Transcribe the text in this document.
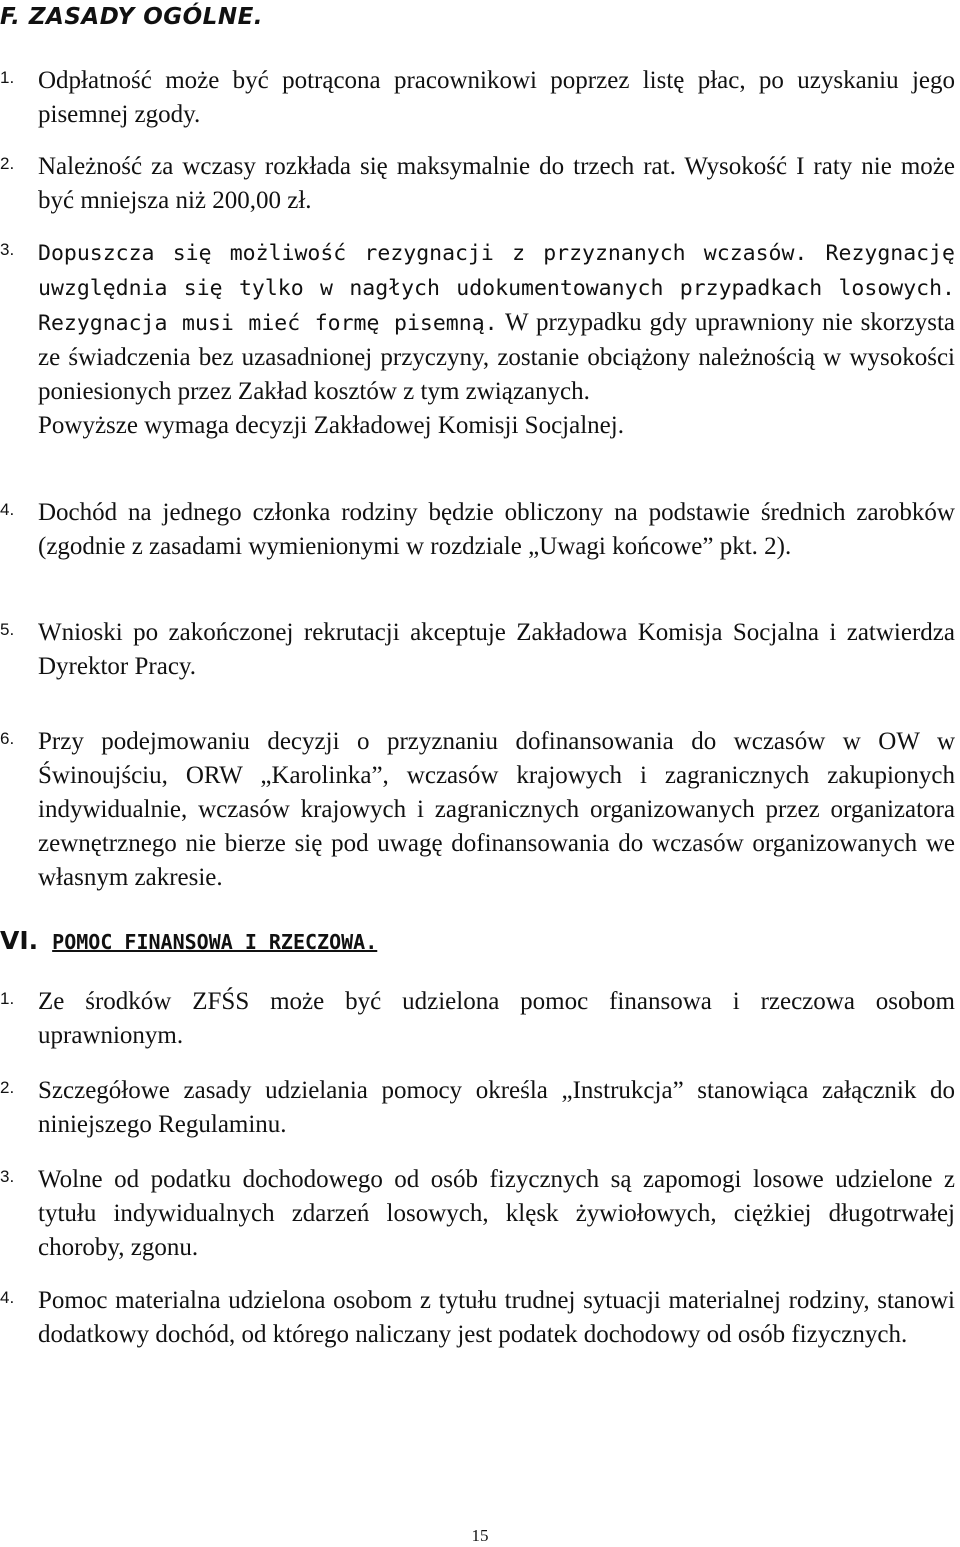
F. ZASADY OGÓLNE.
1. Odpłatność może być potrącona pracownikowi poprzez listę płac, po uzyskaniu jego pisemnej zgody.
2. Należność za wczasy rozkłada się maksymalnie do trzech rat. Wysokość I raty nie może być mniejsza niż 200,00 zł.
3.	Dopuszcza się możliwość rezygnacji z przyznanych wczasów. Rezygnację uwzględnia się tylko w nagłych udokumentowanych przypadkach losowych. Rezygnacja musi mieć formę pisemną. W przypadku gdy uprawniony nie skorzysta ze świadczenia bez uzasadnionej przyczyny, zostanie obciążony należnością w wysokości poniesionych przez Zakład kosztów z tym związanych.
Powyższe wymaga decyzji Zakładowej Komisji Socjalnej.
4. Dochód na jednego członka rodziny będzie obliczony na podstawie średnich zarobków (zgodnie z zasadami wymienionymi w rozdziale „Uwagi końcowe” pkt. 2).
5. Wnioski po zakończonej rekrutacji akceptuje Zakładowa Komisja Socjalna i zatwierdza Dyrektor Pracy.
6. Przy podejmowaniu decyzji o przyznaniu dofinansowania do wczasów w OW w Świnoujściu, ORW „Karolinka”, wczasów krajowych i zagranicznych zakupionych indywidualnie, wczasów krajowych i zagranicznych organizowanych przez organizatora zewnętrznego nie bierze się pod uwagę dofinansowania do wczasów organizowanych we własnym zakresie.
VI. POMOC FINANSOWA I RZECZOWA.
1. Ze środków ZFŚS może być udzielona pomoc finansowa i rzeczowa osobom uprawnionym.
2. Szczegółowe zasady udzielania pomocy określa „Instrukcja” stanowiąca załącznik do niniejszego Regulaminu.
3. Wolne od podatku dochodowego od osób fizycznych są zapomogi losowe udzielone z tytułu indywidualnych zdarzeń losowych, klęsk żywiołowych, ciężkiej długotrwałej choroby, zgonu.
4. Pomoc materialna udzielona osobom z tytułu trudnej sytuacji materialnej rodziny, stanowi dodatkowy dochód, od którego naliczany jest podatek dochodowy od osób fizycznych.
15
